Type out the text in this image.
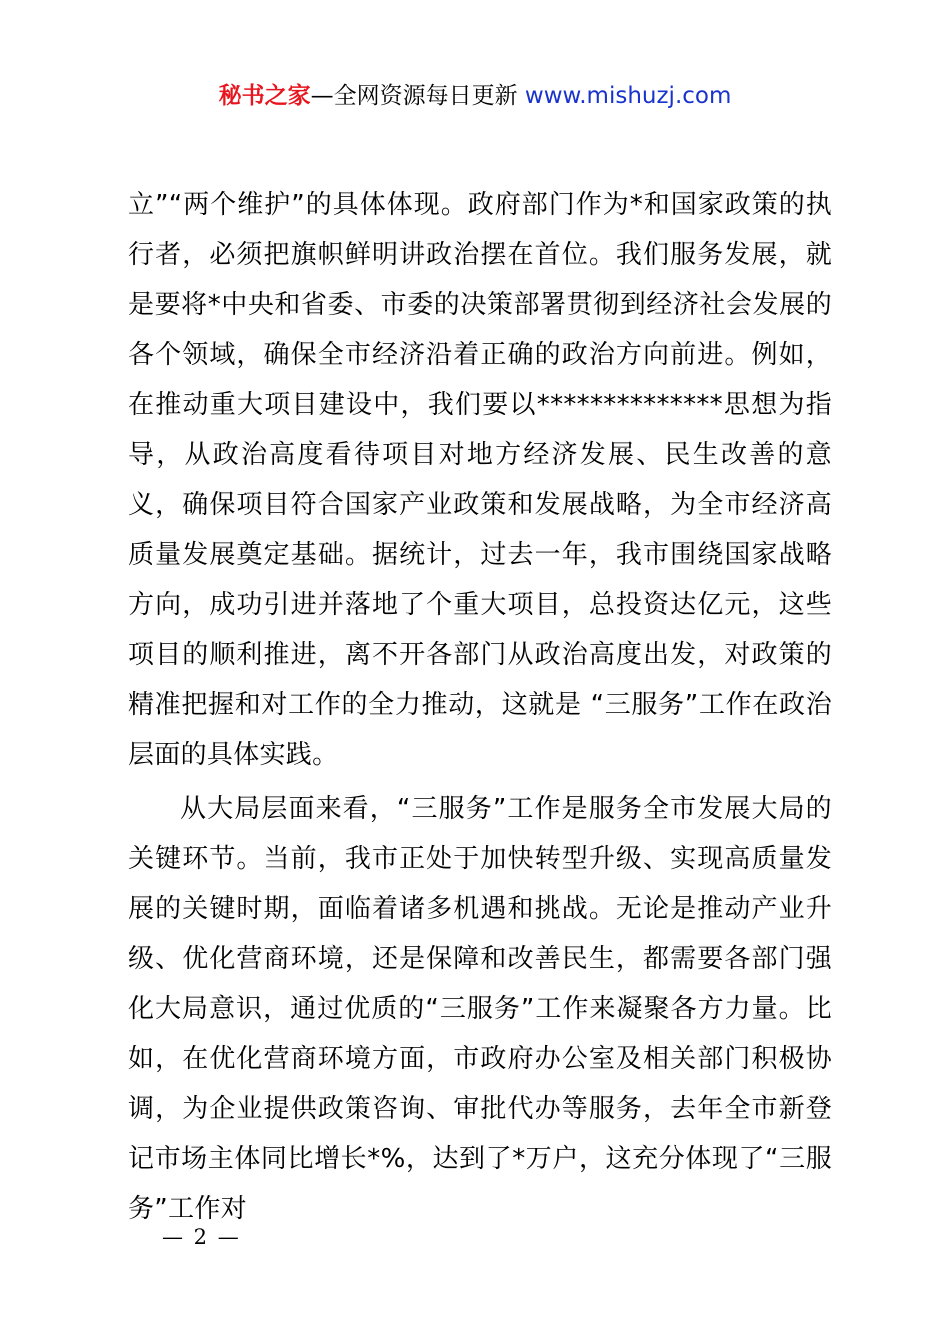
秘书之家—全网资源每日更新 www.mishuzj.com

立”“两个维护”的具体体现。政府部门作为*和国家政策的执行者，必须把旗帜鲜明讲政治摆在首位。我们服务发展，就是要将*中央和省委、市委的决策部署贯彻到经济社会发展的各个领域，确保全市经济沿着正确的政治方向前进。例如，在推动重大项目建设中，我们要以**************思想为指导，从政治高度看待项目对地方经济发展、民生改善的意义，确保项目符合国家产业政策和发展战略，为全市经济高质量发展奠定基础。据统计，过去一年，我市围绕国家战略方向，成功引进并落地了个重大项目，总投资达亿元，这些项目的顺利推进，离不开各部门从政治高度出发，对政策的精准把握和对工作的全力推动，这就是 “三服务”工作在政治层面的具体实践。

从大局层面来看，“三服务”工作是服务全市发展大局的关键环节。当前，我市正处于加快转型升级、实现高质量发展的关键时期，面临着诸多机遇和挑战。无论是推动产业升级、优化营商环境，还是保障和改善民生，都需要各部门强化大局意识，通过优质的“三服务”工作来凝聚各方力量。比如，在优化营商环境方面，市政府办公室及相关部门积极协调，为企业提供政策咨询、审批代办等服务，去年全市新登记市场主体同比增长*%，达到了*万户，这充分体现了“三服务”工作对

— 2 —
